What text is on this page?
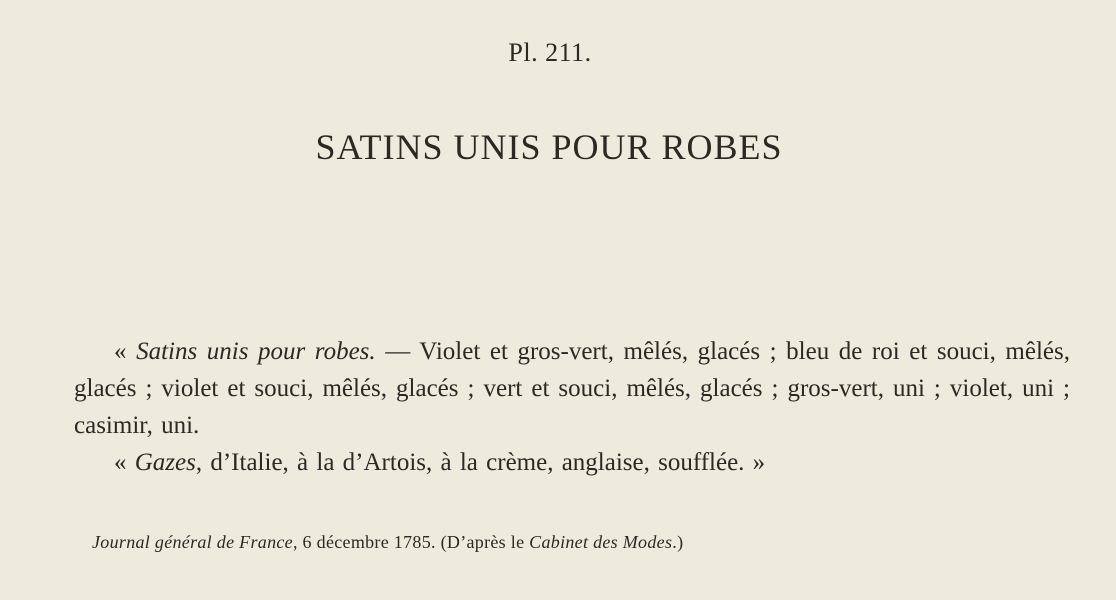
Pl. 211.
SATINS UNIS POUR ROBES

« Satins unis pour robes. — Violet et gros-vert, mêlés, glacés ; bleu de roi et souci, mêlés, glacés ; violet et souci, mêlés, glacés ; vert et souci, mêlés, glacés ; gros-vert, uni ; violet, uni ; casimir, uni.

« Gazes, d’Italie, à la d’Artois, à la crème, anglaise, soufflée. »

Journal général de France, 6 décembre 1785. (D’après le Cabinet des Modes.)
